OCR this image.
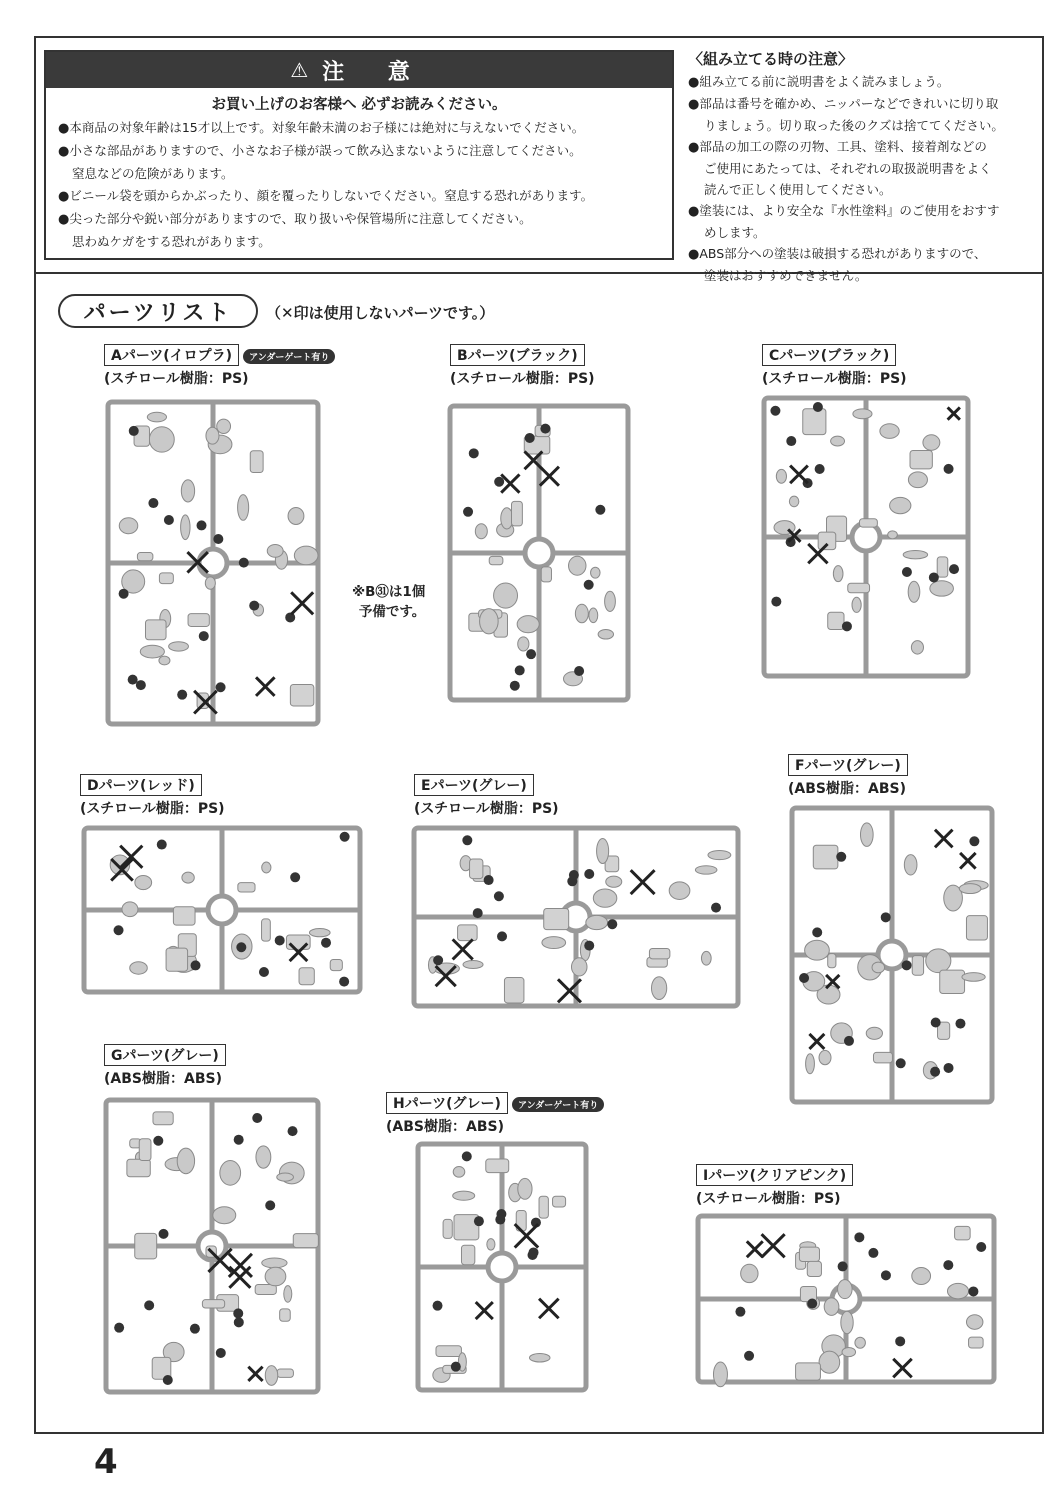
⚠ 注 意
お買い上げのお客様へ 必ずお読みください。
●本商品の対象年齢は15才以上です。対象年齢未満のお子様には絶対に与えないでください。
●小さな部品がありますので、小さなお子様が誤って飲み込まないように注意してください。
窒息などの危険があります。
●ビニール袋を頭からかぶったり、顔を覆ったりしないでください。窒息する恐れがあります。
●尖った部分や鋭い部分がありますので、取り扱いや保管場所に注意してください。
思わぬケガをする恐れがあります。
〈組み立てる時の注意〉
●組み立てる前に説明書をよく読みましょう。
●部品は番号を確かめ、ニッパーなどできれいに切り取
りましょう。切り取った後のクズは捨ててください。
●部品の加工の際の刃物、工具、塗料、接着剤などの
ご使用にあたっては、それぞれの取扱説明書をよく
読んで正しく使用してください。
●塗装には、より安全な『水性塗料』のご使用をおすす
めします。
●ABS部分への塗装は破損する恐れがありますので、
塗装はおすすめできません。
パーツリスト	（✕印は使用しないパーツです。）
Aパーツ(イロプラ) アンダーゲート有り
(スチロール樹脂：PS)
Bパーツ(ブラック)
(スチロール樹脂：PS)
Cパーツ(ブラック)
(スチロール樹脂：PS)
Dパーツ(レッド)
(スチロール樹脂：PS)
Eパーツ(グレー)
(スチロール樹脂：PS)
Fパーツ(グレー)
(ABS樹脂：ABS)
Gパーツ(グレー)
(ABS樹脂：ABS)
Hパーツ(グレー) アンダーゲート有り
(ABS樹脂：ABS)
Iパーツ(クリアピンク)
(スチロール樹脂：PS)
※B㉛は1個
予備です。
4
